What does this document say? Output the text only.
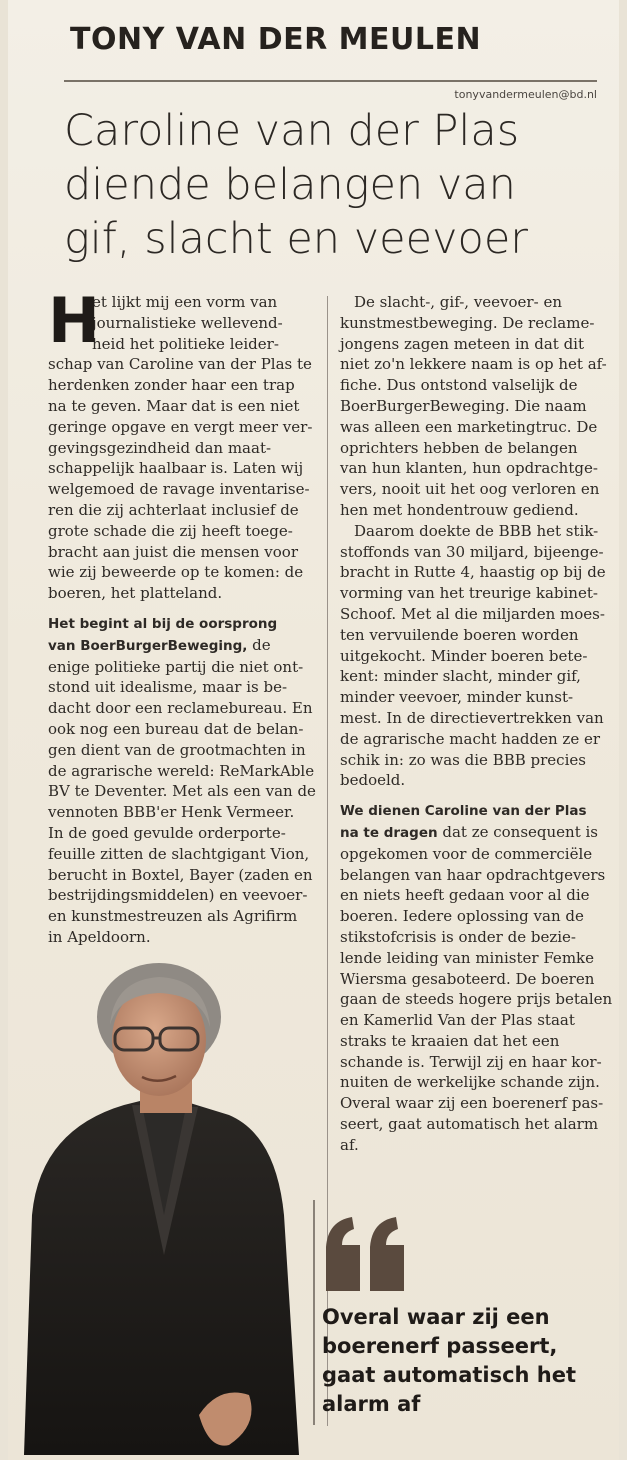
TONY VAN DER MEULEN
tonyvandermeulen@bd.nl
Caroline van der Plas
diende belangen van
gif, slacht en veevoer
H
et lijkt mij een vorm van
journalistieke wellevend-
heid het politieke leider-
schap van Caroline van der Plas te
herdenken zonder haar een trap
na te geven. Maar dat is een niet
geringe opgave en vergt meer ver-
gevingsgezindheid dan maat-
schappelijk haalbaar is. Laten wij
welgemoed de ravage inventarise-
ren die zij achterlaat inclusief de
grote schade die zij heeft toege-
bracht aan juist die mensen voor
wie zij beweerde op te komen: de
boeren, het platteland.
Het begint al bij de oorsprong
van BoerBurgerBeweging, de
enige politieke partij die niet ont-
stond uit idealisme, maar is be-
dacht door een reclamebureau. En
ook nog een bureau dat de belan-
gen dient van de grootmachten in
de agrarische wereld: ReMarkAble
BV te Deventer. Met als een van de
vennoten BBB'er Henk Vermeer.
In de goed gevulde orderporte-
feuille zitten de slachtgigant Vion,
berucht in Boxtel, Bayer (zaden en
bestrijdingsmiddelen) en veevoer-
en kunstmestreuzen als Agrifirm
in Apeldoorn.
De slacht-, gif-, veevoer- en
kunstmestbeweging. De reclame-
jongens zagen meteen in dat dit
niet zo'n lekkere naam is op het af-
fiche. Dus ontstond valselijk de
BoerBurgerBeweging. Die naam
was alleen een marketingtruc. De
oprichters hebben de belangen
van hun klanten, hun opdrachtge-
vers, nooit uit het oog verloren en
hen met hondentrouw gediend.
Daarom doekte de BBB het stik-
stoffonds van 30 miljard, bijeenge-
bracht in Rutte 4, haastig op bij de
vorming van het treurige kabinet-
Schoof. Met al die miljarden moes-
ten vervuilende boeren worden
uitgekocht. Minder boeren bete-
kent: minder slacht, minder gif,
minder veevoer, minder kunst-
mest. In de directievertrekken van
de agrarische macht hadden ze er
schik in: zo was die BBB precies
bedoeld.
We dienen Caroline van der Plas
na te dragen dat ze consequent is
opgekomen voor de commerciële
belangen van haar opdrachtgevers
en niets heeft gedaan voor al die
boeren. Iedere oplossing van de
stikstofcrisis is onder de bezie-
lende leiding van minister Femke
Wiersma gesaboteerd. De boeren
gaan de steeds hogere prijs betalen
en Kamerlid Van der Plas staat
straks te kraaien dat het een
schande is. Terwijl zij en haar kor-
nuiten de werkelijke schande zijn.
Overal waar zij een boerenerf pas-
seert, gaat automatisch het alarm
af.
Overal waar zij een
boerenerf passeert,
gaat automatisch het
alarm af
